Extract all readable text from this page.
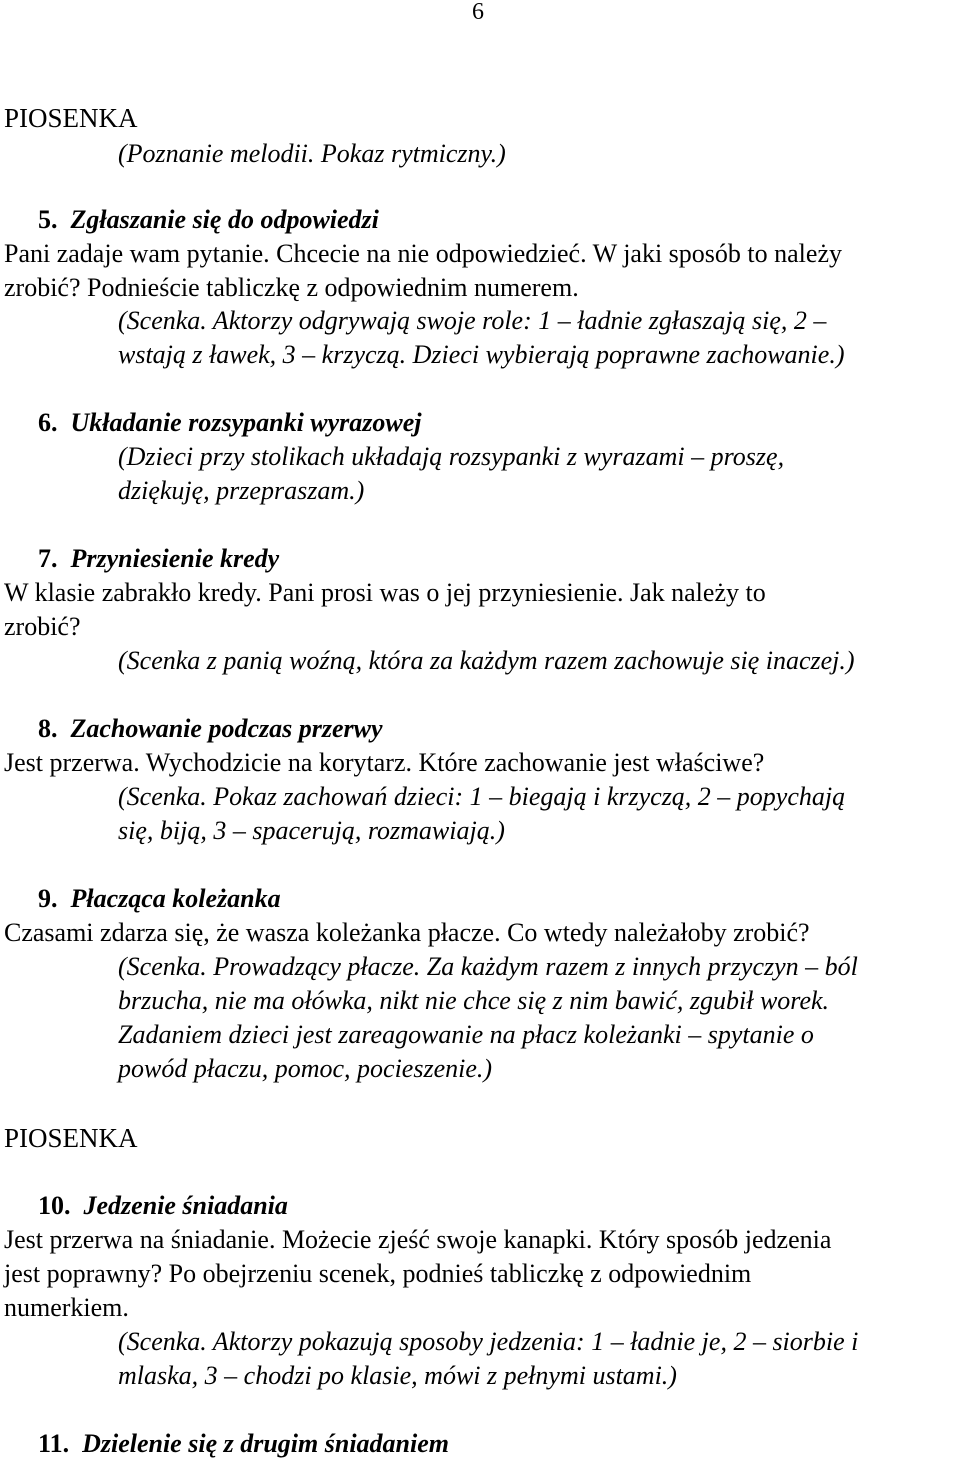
6
PIOSENKA
(Poznanie melodii. Pokaz rytmiczny.)
5. Zgłaszanie się do odpowiedzi
Pani zadaje wam pytanie. Chcecie na nie odpowiedzieć. W jaki sposób to należy
zrobić? Podnieście tabliczkę z odpowiednim numerem.
(Scenka. Aktorzy odgrywają swoje role: 1 – ładnie zgłaszają się, 2 –
wstają z ławek, 3 – krzyczą. Dzieci wybierają poprawne zachowanie.)
6. Układanie rozsypanki wyrazowej
(Dzieci przy stolikach układają rozsypanki z wyrazami – proszę,
dziękuję, przepraszam.)
7. Przyniesienie kredy
W klasie zabrakło kredy. Pani prosi was o jej przyniesienie. Jak należy to
zrobić?
(Scenka z panią woźną, która za każdym razem zachowuje się inaczej.)
8. Zachowanie podczas przerwy
Jest przerwa. Wychodzicie na korytarz. Które zachowanie jest właściwe?
(Scenka. Pokaz zachowań dzieci: 1 – biegają i krzyczą, 2 – popychają
się, biją, 3 – spacerują, rozmawiają.)
9. Płacząca koleżanka
Czasami zdarza się, że wasza koleżanka płacze. Co wtedy należałoby zrobić?
(Scenka. Prowadzący płacze. Za każdym razem z innych przyczyn – ból
brzucha, nie ma ołówka, nikt nie chce się z nim bawić, zgubił worek.
Zadaniem dzieci jest zareagowanie na płacz koleżanki – spytanie o
powód płaczu, pomoc, pocieszenie.)
PIOSENKA
10. Jedzenie śniadania
Jest przerwa na śniadanie. Możecie zjeść swoje kanapki. Który sposób jedzenia
jest poprawny? Po obejrzeniu scenek, podnieś tabliczkę z odpowiednim
numerkiem.
(Scenka. Aktorzy pokazują sposoby jedzenia: 1 – ładnie je, 2 – siorbie i
mlaska, 3 – chodzi po klasie, mówi z pełnymi ustami.)
11. Dzielenie się z drugim śniadaniem
